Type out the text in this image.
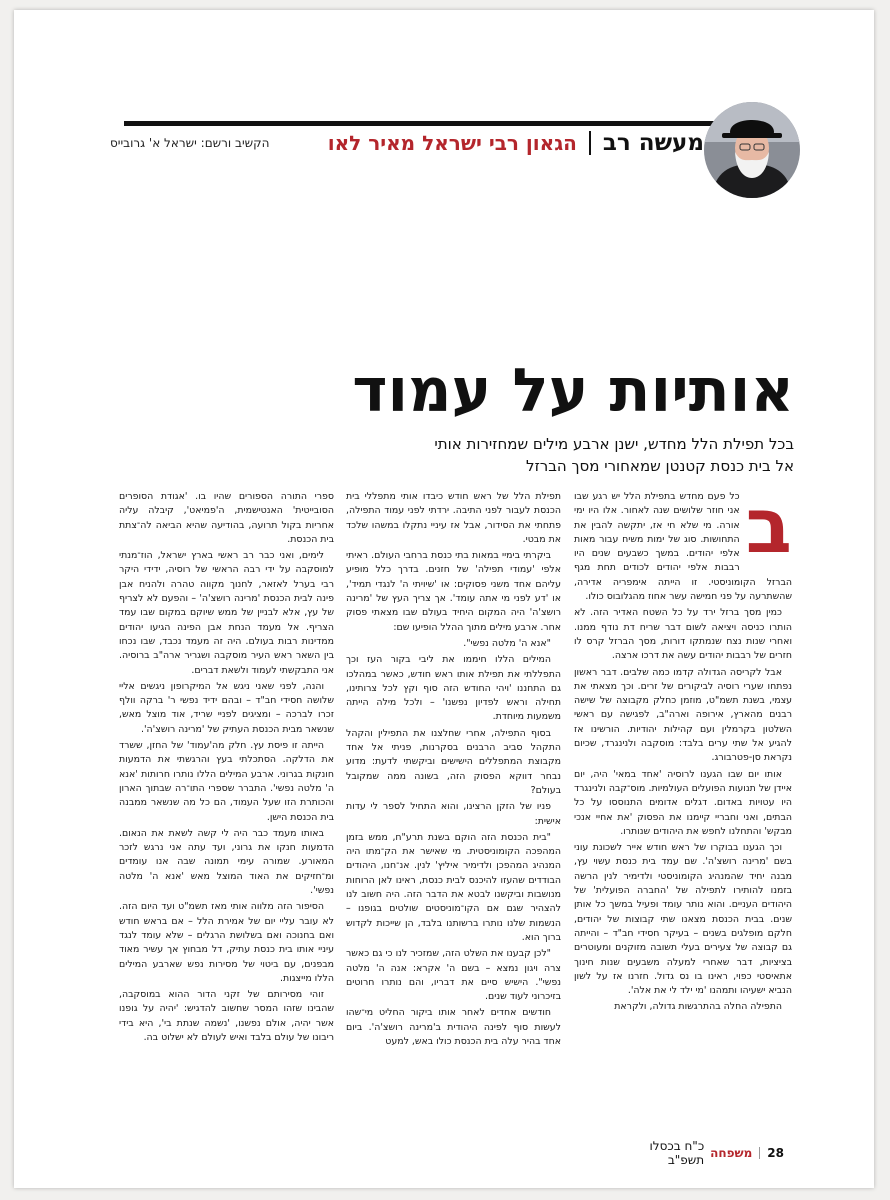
מעשה רב
הגאון רבי ישראל מאיר לאו
הקשיב ורשם: ישראל א' גרובייס
אותיות על עמוד
בכל תפילת הלל מחדש, ישנן ארבע מילים שמחזירות אותי
אל בית כנסת קטנטן שמאחורי מסך הברזל
ב

כל פעם מחדש בתפילת הלל יש רגע שבו אני חוזר שלושים שנה לאחור. אלו היו ימי אורה. מי שלא חי אז, יתקשה להבין את התחושות. סוג של ימות משיח עבור מאות אלפי יהודים. במשך כשבעים שנים היו רבבות אלפי יהודים לכודים תחת מגף הברזל הקומוניסטי. זו הייתה אימפריה אדירה, שהשתרעה על פני חמישה עשר אחוז מהגלובוס כולו.

כמין מסך ברזל ירד על כל השטח האדיר הזה. לא הותרו כניסה ויציאה לשום דבר שריח דת נודף ממנו. ואחרי שנות נצח שנמתקו דורות, מסך הברזל קרס לו חזרים של רבבות יהודים עשה את דרכו ארצה.

אבל לקריסה הגדולה קדמו כמה שלבים. דבר ראשון נפתחו שערי רוסיה לביקורים של זרים. וכך מצאתי את עצמי, בשנת תשמ"ט, מוזמן כחלק מקבוצה של שישה רבנים מהארץ, אירופה וארה"ב, לפגישה עם ראשי השלטון בקרמלין ועם קהילות יהודיות. הורשינו אז להגיע אל שתי ערים בלבד: מוסקבה ולנינגרד, שכיום נקראת סן-פטרבורג.

אותו יום שבו הגענו לרוסיה 'אחד במאי' היה, יום איידן של תנועות הפועלים העולמיות. מוס־קבה ולנינגרד היו עטויות באדום. דגלים אדומים התנוססו על כל הבתים, ואני וחבריי קיימנו את הפסוק 'את אחיי אנכי מבקש' והתחלנו לחפש את היהודים שנותרו.

וכך הגענו בבוקרו של ראש חודש אייר לשכונת עוני בשם 'מרינה רושצ'ה'. שם עמד בית כנסת עשוי עץ, מבנה יחיד שהמנהיג הקומוניסטי ולדימיר לנין הרשה בזמנו להותירו לתפילה של 'החברה הפועלית' של היהודים העניים. והוא נותר עומד ופעיל במשך כל אותן שנים. בבית הכנסת מצאנו שתי קבוצות של יהודים, חלקם מופלגים בשנים – בעיקר חסידי חב"ד – והייתה גם קבוצה של צעירים בעלי תשובה מזוקנים ומעוטרים בציציות, דבר שאחרי למעלה משבעים שנות חינוך אתאיסטי כפוי, ראינו בו נס גדול. חזרנו אז על לשון הנביא ישעיהו ותמהנו 'מי ילד לי את אלה'.

התפילה החלה בהתרגשות גדולה, ולקראת

תפילת הלל של ראש חודש כיבדו אותי מתפללי בית הכנסת לעבור לפני התיבה. ירדתי לפני עמוד התפילה, פתחתי את הסידור, אבל אז עיניי נתקלו במשהו שלכד את מבטי.

ביקרתי בימיי במאות בתי כנסת ברחבי העולם. ראיתי אלפי 'עמודי תפילה' של חזנים. בדרך כלל מופיע עליהם אחד משני פסוקים: או 'שיויתי ה' לנגדי תמיד', או 'דע לפני מי אתה עומד'. אך צריך העץ של 'מרינה רושצ'ה' היה המקום היחיד בעולם שבו מצאתי פסוק אחר. ארבע מילים מתוך ההלל הופיעו שם:

"אנא ה' מלטה נפשי".

המילים הללו חיממו את ליבי בקור העז וכך התפללתי את תפילת אותו ראש חודש, כאשר במהלכו גם התחננו 'ויהי החודש הזה סוף וקץ לכל צרותינו, תחילה וראש לפדיון נפשנו' – ולכל מילה הייתה משמעות מיוחדת.

בסוף התפילה, אחרי שחלצנו את התפילין והקהל התקהל סביב הרבנים בסקרנות, פניתי אל אחד מקבוצת המתפללים הישישים וביקשתי לדעת: מדוע נבחר דווקא הפסוק הזה, בשונה ממה שמקובל בעולם?

פניו של הזקן הרצינו, והוא התחיל לספר לי עדות אישית:

"בית הכנסת הזה הוקם בשנת תרע"ח, ממש בזמן המהפכה הקומוניסטית. מי שאישר את הק־מתו היה המנהיג המהפכן ולדימיר איליץ' לנין. אנ־חנו, היהודים הבודדים שהעזו להיכנס לבית כנסת, ראינו לאן הרוחות מנושבות וביקשנו לבטא את הדבר הזה. היה חשוב לנו להצהיר שגם אם הקו־מוניסטים שולטים בגופנו – הנשמות שלנו נותרו ברשותנו בלבד, הן שייכות לקדוש ברוך הוא.

"לכן קבענו את השלט הזה, שמזכיר לנו כי גם כאשר צרה ויגון נמצא – בשם ה' אקרא: אנה ה' מלטה נפשי". הישיש סיים את דבריו, והם נותרו חרוטים בזיכרוני לעוד שנים.

חודשים אחדים לאחר אותו ביקור החליט מי־שהו לעשות סוף לפינה היהודית ב'מרינה רושצ'ה'. ביום אחד בהיר עלה בית הכנסת כולו באש, למעט

ספרי התורה הספורים שהיו בו. 'אגודת הסופרים הסובייטית' האנטישמית, ה'פמיאט', קיבלה עליה אחריות בקול תרועה, בהודיעה שהיא הביאה לה־צתת בית הכנסת.

לימים, ואני כבר רב ראשי בארץ ישראל, הוז־מנתי למוסקבה על ידי רבה הראשי של רוסיה, ידידי היקר רבי בערל לאזאר, לחנוך מקווה טהרה ולהניח אבן פינה לבית הכנסת 'מרינה רושצ'ה' – והפעם לא לצריף של עץ, אלא לבניין של ממש שיוקם במקום שבו עמד הצריף. אל מעמד הנחת אבן הפינה הגיעו יהודים ממדינות רבות בעולם. היה זה מעמד נכבד, שבו נכחו בין השאר ראש העיר מוסקבה ושגריר ארה"ב ברוסיה. אני התבקשתי לעמוד ולשאת דברים.

והנה, לפני שאני ניגש אל המיקרופון ניגשים אליי שלושה חסידי חב"ד – ובהם ידיד נפשי ר' ברקה וולף זכרו לברכה – ומציגים לפניי שריד, אוד מוצל מאש, שנשאר מבית הכנסת העתיק של 'מרינה רושצ'ה'.

הייתה זו פיסת עץ. חלק מה'עמוד' של החזן, ששרד את הדלקה. הסתכלתי בעץ והרגשתי את הדמעות חונקות בגרוני. ארבע המילים הללו נותרו חרותות 'אנא ה' מלטה נפשי'. התברר שספרי התו־רה שבתוך הארון והכותרת הזו שעל העמוד, הם כל מה שנשאר ממבנה בית הכנסת הישן.

באותו מעמד כבר היה לי קשה לשאת את הנאום. הדמעות חנקו את גרוני, ועד עתה אני נרגש לזכר המאורע. שמורה עימי תמונה שבה אנו עומדים ומ־חזיקים את האוד המוצל מאש 'אנא ה' מלטה נפשי'.

הסיפור הזה מלווה אותי מאז תשמ"ט ועד היום הזה. לא עובר עליי יום של אמירת הלל – אם בראש חודש ואם בחנוכה ואם בשלושת הרגלים – שלא עומד לנגד עיניי אותו בית כנסת עתיק, דל מבחוץ אך עשיר מאוד מבפנים, עם ביטוי של מסירות נפש שארבע המילים הללו מייצגות.

זוהי מסירותם של זקני הדור ההוא במוסקבה, שהבינו שזהו המסר שחשוב להדגיש: 'יהיה על גופנו אשר יהיה, אולם נפשנו, 'נשמה שנתת בי', היא בידי ריבונו של עולם בלבד ואיש לעולם לא ישלוט בה.

28
משפחה
כ"ח בכסלו תשפ"ב
